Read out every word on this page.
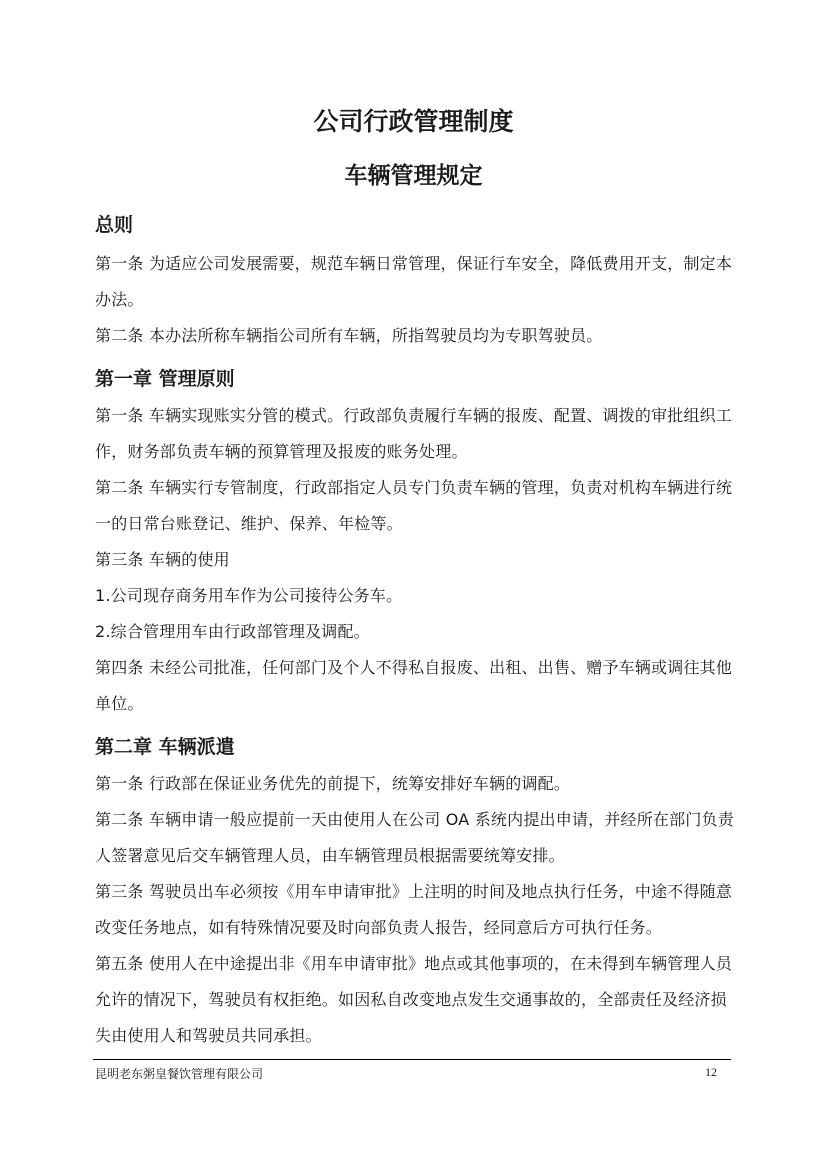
公司行政管理制度
车辆管理规定
总则

第一条 为适应公司发展需要，规范车辆日常管理，保证行车安全，降低费用开支，制定本办法。

第二条 本办法所称车辆指公司所有车辆，所指驾驶员均为专职驾驶员。

第一章 管理原则

第一条 车辆实现账实分管的模式。行政部负责履行车辆的报废、配置、调拨的审批组织工作，财务部负责车辆的预算管理及报废的账务处理。

第二条 车辆实行专管制度，行政部指定人员专门负责车辆的管理，负责对机构车辆进行统一的日常台账登记、维护、保养、年检等。

第三条 车辆的使用

1.公司现存商务用车作为公司接待公务车。

2.综合管理用车由行政部管理及调配。

第四条 未经公司批准，任何部门及个人不得私自报废、出租、出售、赠予车辆或调往其他单位。

第二章 车辆派遣

第一条 行政部在保证业务优先的前提下，统筹安排好车辆的调配。

第二条 车辆申请一般应提前一天由使用人在公司 OA 系统内提出申请，并经所在部门负责人签署意见后交车辆管理人员，由车辆管理员根据需要统筹安排。

第三条 驾驶员出车必须按《用车申请审批》上注明的时间及地点执行任务，中途不得随意改变任务地点，如有特殊情况要及时向部负责人报告，经同意后方可执行任务。

第五条 使用人在中途提出非《用车申请审批》地点或其他事项的，在未得到车辆管理人员允许的情况下，驾驶员有权拒绝。如因私自改变地点发生交通事故的，全部责任及经济损失由使用人和驾驶员共同承担。

昆明老东粥皇餐饮管理有限公司	12
